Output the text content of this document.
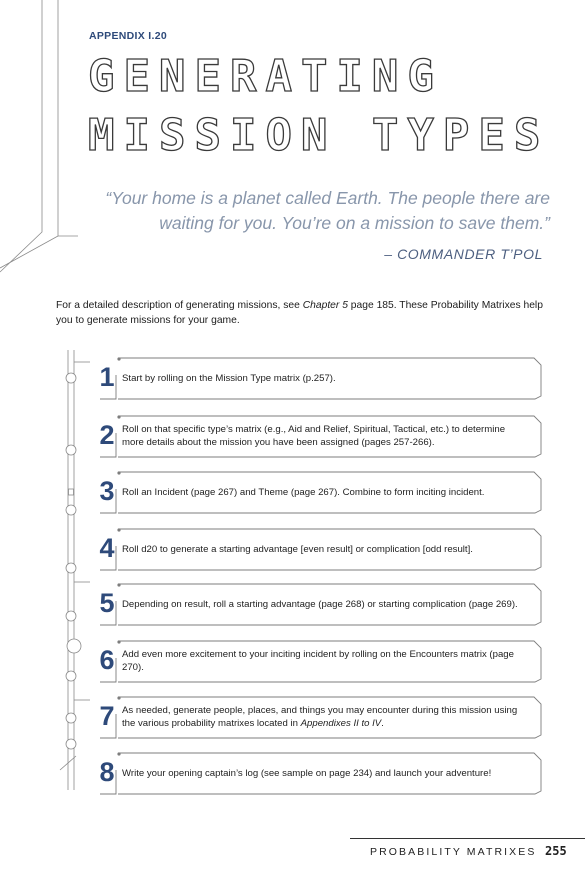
APPENDIX I.20
GENERATING
MISSION TYPES
“Your home is a planet called Earth. The people there are waiting for you. You’re on a mission to save them.”
– COMMANDER T’POL

For a detailed description of generating missions, see Chapter 5 page 185. These Probability Matrixes help you to generate missions for your game.

1 Start by rolling on the Mission Type matrix (p.257).
2 Roll on that specific type’s matrix (e.g., Aid and Relief, Spiritual, Tactical, etc.) to determine more details about the mission you have been assigned (pages 257-266).
3 Roll an Incident (page 267) and Theme (page 267). Combine to form inciting incident.
4 Roll d20 to generate a starting advantage [even result] or complication [odd result].
5 Depending on result, roll a starting advantage (page 268) or starting complication (page 269).
6 Add even more excitement to your inciting incident by rolling on the Encounters matrix (page 270).
7 As needed, generate people, places, and things you may encounter during this mission using the various probability matrixes located in Appendixes II to IV.
8 Write your opening captain’s log (see sample on page 234) and launch your adventure!
PROBABILITY MATRIXES 255
